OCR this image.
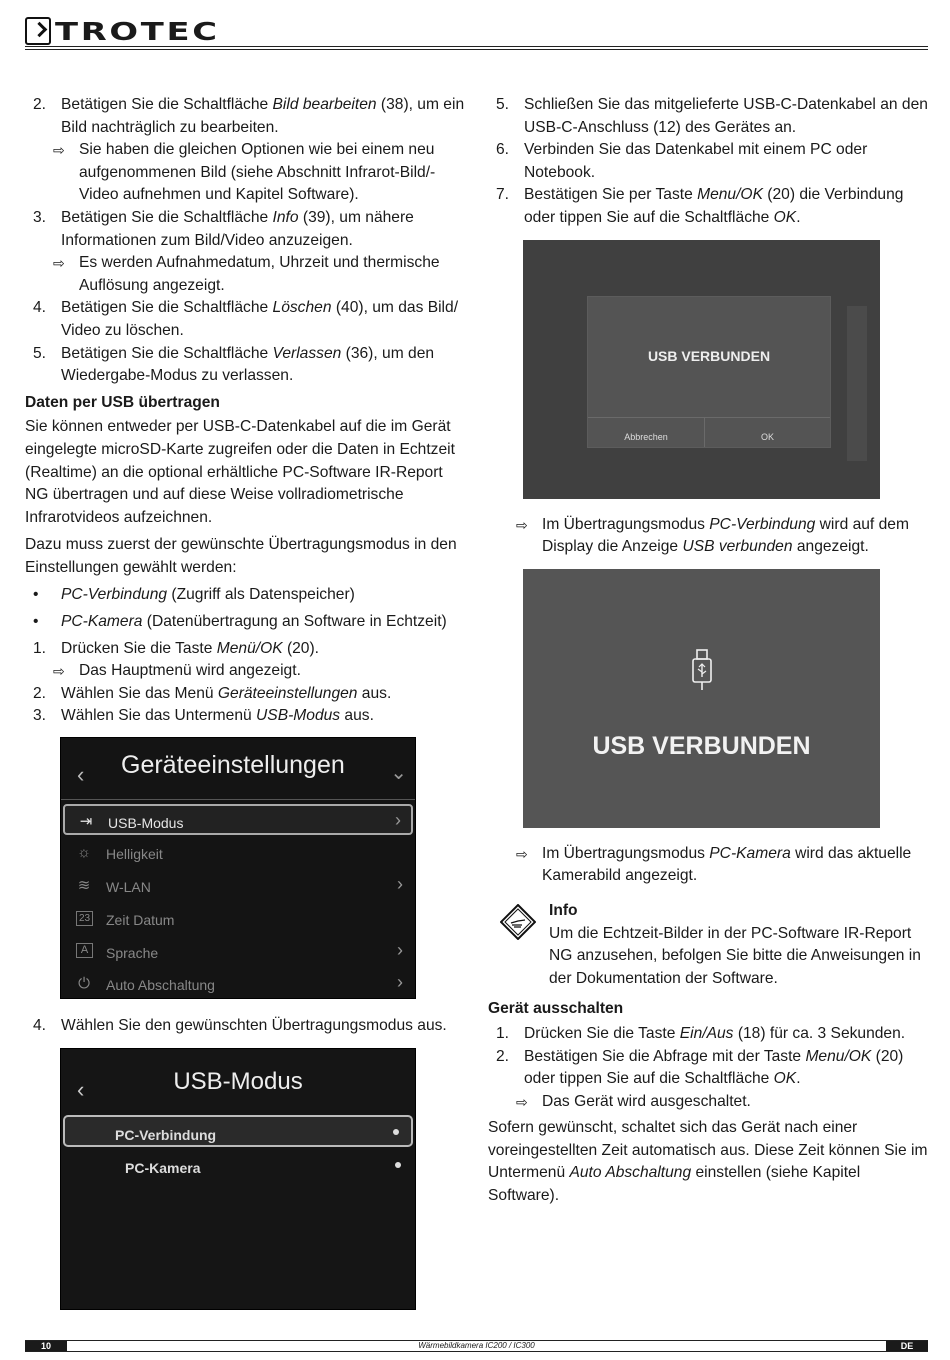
TROTEC
2. Betätigen Sie die Schaltfläche Bild bearbeiten (38), um ein Bild nachträglich zu bearbeiten.
⇨ Sie haben die gleichen Optionen wie bei einem neu aufgenommenen Bild (siehe Abschnitt Infrarot-Bild/-Video aufnehmen und Kapitel Software).
3. Betätigen Sie die Schaltfläche Info (39), um nähere Informationen zum Bild/Video anzuzeigen.
⇨ Es werden Aufnahmedatum, Uhrzeit und thermische Auflösung angezeigt.
4. Betätigen Sie die Schaltfläche Löschen (40), um das Bild/ Video zu löschen.
5. Betätigen Sie die Schaltfläche Verlassen (36), um den Wiedergabe-Modus zu verlassen.
Daten per USB übertragen
Sie können entweder per USB-C-Datenkabel auf die im Gerät eingelegte microSD-Karte zugreifen oder die Daten in Echtzeit (Realtime) an die optional erhältliche PC-Software IR-Report NG übertragen und auf diese Weise vollradiometrische Infrarotvideos aufzeichnen.
Dazu muss zuerst der gewünschte Übertragungsmodus in den Einstellungen gewählt werden:
• PC-Verbindung (Zugriff als Datenspeicher)
• PC-Kamera (Datenübertragung an Software in Echtzeit)
1. Drücken Sie die Taste Menü/OK (20).
⇨ Das Hauptmenü wird angezeigt.
2. Wählen Sie das Menü Geräteeinstellungen aus.
3. Wählen Sie das Untermenü USB-Modus aus.
‹ Geräteeinstellungen ⌄
⇥ USB-Modus	›
☼ Helligkeit
≋ W-LAN	›
23 Zeit Datum
A	Sprache	›
⏻ Auto Abschaltung	›
4. Wählen Sie den gewünschten Übertragungsmodus aus.
‹	USB-Modus
PC-Verbindung
PC-Kamera
5. Schließen Sie das mitgelieferte USB-C-Datenkabel an den USB-C-Anschluss (12) des Gerätes an.
6. Verbinden Sie das Datenkabel mit einem PC oder Notebook.
7. Bestätigen Sie per Taste Menu/OK (20) die Verbindung oder tippen Sie auf die Schaltfläche OK.
USB VERBUNDEN
Abbrechen	OK
⇨ Im Übertragungsmodus PC-Verbindung wird auf dem Display die Anzeige USB verbunden angezeigt.
USB VERBUNDEN
⇨ Im Übertragungsmodus PC-Kamera wird das aktuelle Kamerabild angezeigt.
Info
Um die Echtzeit-Bilder in der PC-Software IR-Report NG anzusehen, befolgen Sie bitte die Anweisungen in der Dokumentation der Software.
Gerät ausschalten
1. Drücken Sie die Taste Ein/Aus (18) für ca. 3 Sekunden.
2. Bestätigen Sie die Abfrage mit der Taste Menu/OK (20) oder tippen Sie auf die Schaltfläche OK.
⇨ Das Gerät wird ausgeschaltet.
Sofern gewünscht, schaltet sich das Gerät nach einer voreingestellten Zeit automatisch aus. Diese Zeit können Sie im Untermenü Auto Abschaltung einstellen (siehe Kapitel Software).
10	Wärmebildkamera IC200 / IC300	DE
